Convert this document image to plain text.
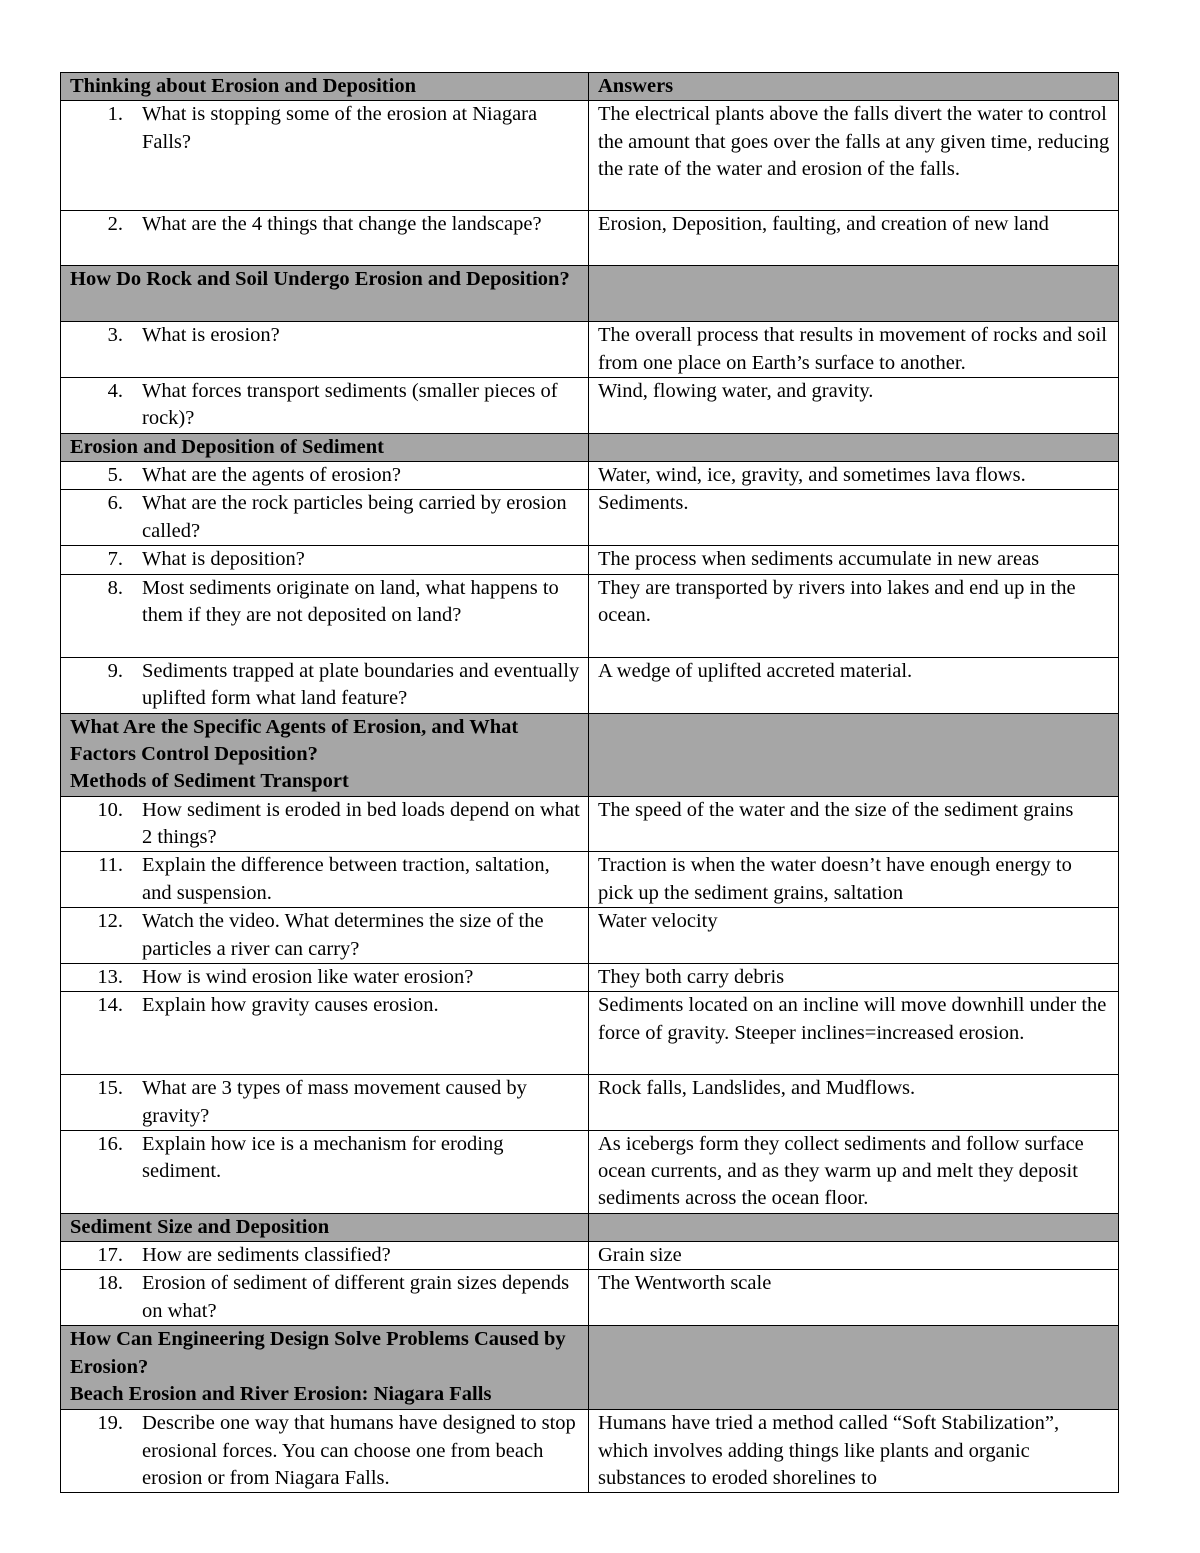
Thinking about Erosion and Deposition	Answers

1. What is stopping some of the erosion at Niagara Falls?	The electrical plants above the falls divert the water to control the amount that goes over the falls at any given time, reducing the rate of the water and erosion of the falls.

2. What are the 4 things that change the landscape?	Erosion, Deposition, faulting, and creation of new land

How Do Rock and Soil Undergo Erosion and Deposition?	

3. What is erosion?	The overall process that results in movement of rocks and soil from one place on Earth’s surface to another.

4. What forces transport sediments (smaller pieces of rock)?	Wind, flowing water, and gravity.

Erosion and Deposition of Sediment	

5. What are the agents of erosion?	Water, wind, ice, gravity, and sometimes lava flows.

6. What are the rock particles being carried by erosion called?	Sediments.

7. What is deposition?	The process when sediments accumulate in new areas

8. Most sediments originate on land, what happens to them if they are not deposited on land?	They are transported by rivers into lakes and end up in the ocean.

9. Sediments trapped at plate boundaries and eventually uplifted form what land feature?	A wedge of uplifted accreted material.

What Are the Specific Agents of Erosion, and What Factors Control Deposition?
Methods of Sediment Transport	

10. How sediment is eroded in bed loads depend on what 2 things?	The speed of the water and the size of the sediment grains

11. Explain the difference between traction, saltation, and suspension.	Traction is when the water doesn’t have enough energy to pick up the sediment grains, saltation

12. Watch the video. What determines the size of the particles a river can carry?	Water velocity

13. How is wind erosion like water erosion?	They both carry debris

14. Explain how gravity causes erosion.	Sediments located on an incline will move downhill under the force of gravity. Steeper inclines=increased erosion.

15. What are 3 types of mass movement caused by gravity?	Rock falls, Landslides, and Mudflows.

16. Explain how ice is a mechanism for eroding sediment.	As icebergs form they collect sediments and follow surface ocean currents, and as they warm up and melt they deposit sediments across the ocean floor.

Sediment Size and Deposition	

17. How are sediments classified?	Grain size

18. Erosion of sediment of different grain sizes depends on what?	The Wentworth scale

How Can Engineering Design Solve Problems Caused by Erosion?
Beach Erosion and River Erosion: Niagara Falls	

19. Describe one way that humans have designed to stop erosional forces. You can choose one from beach erosion or from Niagara Falls.	Humans have tried a method called “Soft Stabilization”, which involves adding things like plants and organic substances to eroded shorelines to
